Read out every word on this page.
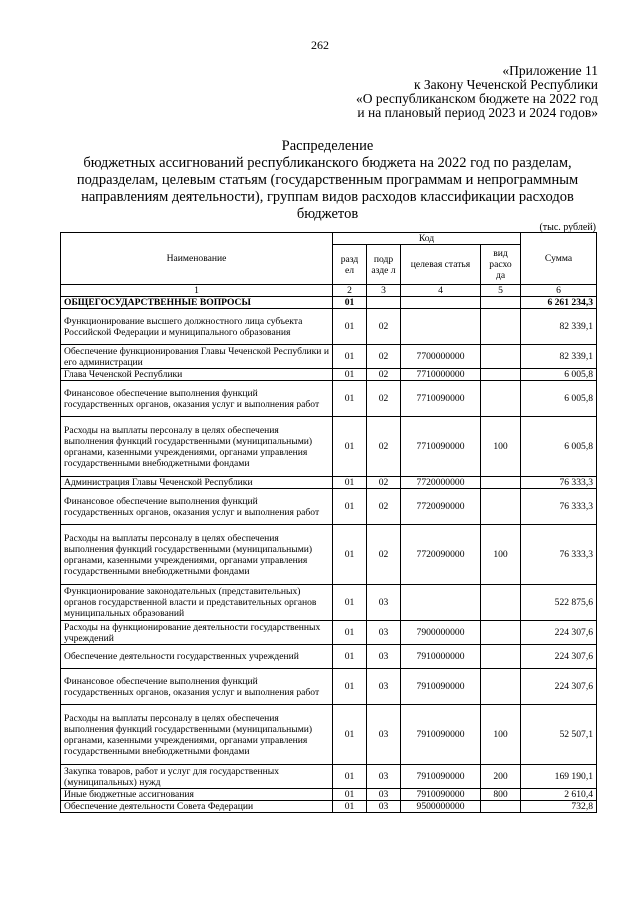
262
«Приложение 11
к Закону Чеченской Республики
«О республиканском бюджете на 2022 год
и на плановый период 2023 и 2024 годов»
Распределение
бюджетных ассигнований республиканского бюджета на 2022 год по разделам, подразделам, целевым статьям (государственным программам и непрограммным направлениям деятельности), группам видов расходов классификации расходов бюджетов
(тыс. рублей)
Наименование	Код				Сумма
	разд ел	подр азде л	целевая статья	вид расхо да	
1	2	3	4	5	6
ОБЩЕГОСУДАРСТВЕННЫЕ ВОПРОСЫ	01				6 261 234,3
Функционирование высшего должностного лица субъекта Российской Федерации и муниципального образования	01	02			82 339,1
Обеспечение функционирования Главы Чеченской Республики и его администрации	01	02	7700000000		82 339,1
Глава Чеченской Республики	01	02	7710000000		6 005,8
Финансовое обеспечение выполнения функций государственных органов, оказания услуг и выполнения работ	01	02	7710090000		6 005,8
Расходы на выплаты персоналу в целях обеспечения выполнения функций государственными (муниципальными) органами, казенными учреждениями, органами управления государственными внебюджетными фондами	01	02	7710090000	100	6 005,8
Администрация Главы Чеченской Республики	01	02	7720000000		76 333,3
Финансовое обеспечение выполнения функций государственных органов, оказания услуг и выполнения работ	01	02	7720090000		76 333,3
Расходы на выплаты персоналу в целях обеспечения выполнения функций государственными (муниципальными) органами, казенными учреждениями, органами управления государственными внебюджетными фондами	01	02	7720090000	100	76 333,3
Функционирование законодательных (представительных) органов государственной власти и представительных органов муниципальных образований	01	03			522 875,6
Расходы на функционирование деятельности государственных учреждений	01	03	7900000000		224 307,6
Обеспечение деятельности государственных учреждений	01	03	7910000000		224 307,6
Финансовое обеспечение выполнения функций государственных органов, оказания услуг и выполнения работ	01	03	7910090000		224 307,6
Расходы на выплаты персоналу в целях обеспечения выполнения функций государственными (муниципальными) органами, казенными учреждениями, органами управления государственными внебюджетными фондами	01	03	7910090000	100	52 507,1
Закупка товаров, работ и услуг для государственных (муниципальных) нужд	01	03	7910090000	200	169 190,1
Иные бюджетные ассигнования	01	03	7910090000	800	2 610,4
Обеспечение деятельности Совета Федерации	01	03	9500000000		732,8
